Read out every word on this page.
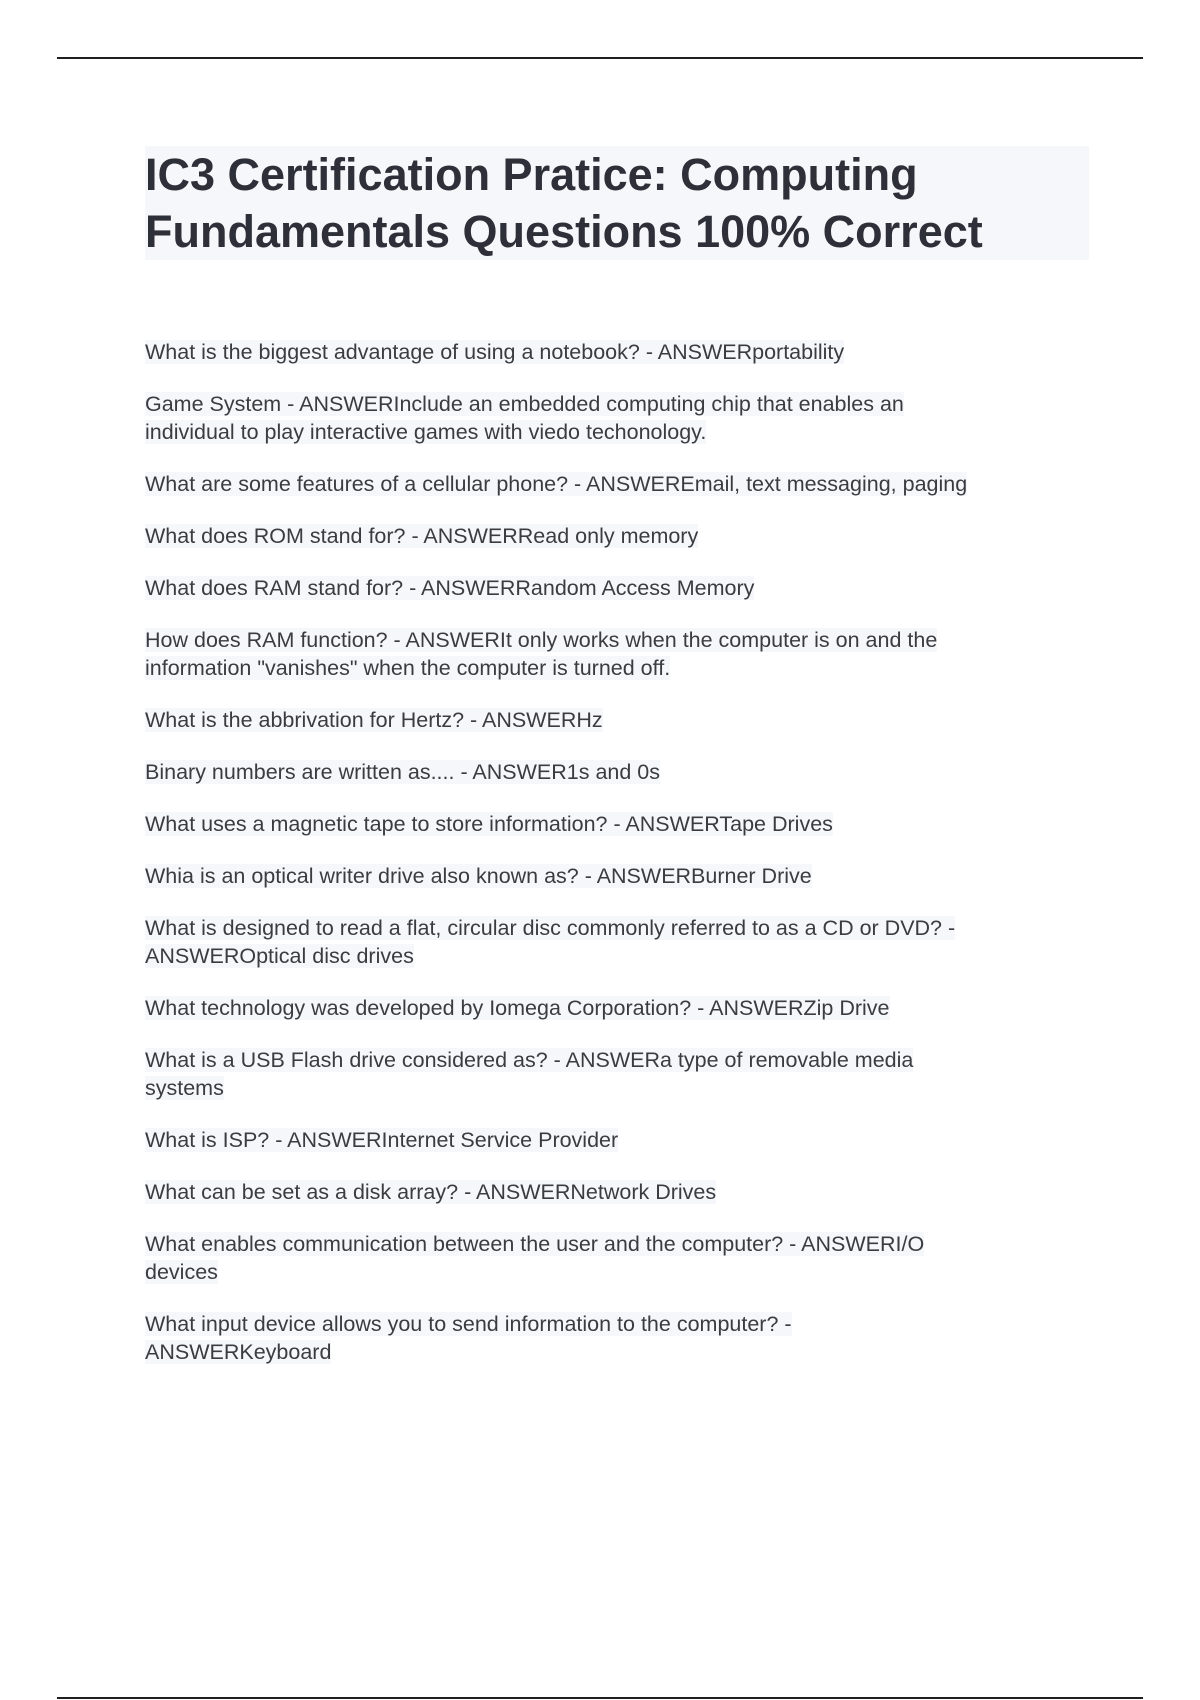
IC3 Certification Pratice: Computing
Fundamentals Questions 100% Correct
What is the biggest advantage of using a notebook? - ANSWERportability
Game System - ANSWERInclude an embedded computing chip that enables an
individual to play interactive games with viedo techonology.
What are some features of a cellular phone? - ANSWEREmail, text messaging, paging
What does ROM stand for? - ANSWERRead only memory
What does RAM stand for? - ANSWERRandom Access Memory
How does RAM function? - ANSWERIt only works when the computer is on and the
information "vanishes" when the computer is turned off.
What is the abbrivation for Hertz? - ANSWERHz
Binary numbers are written as.... - ANSWER1s and 0s
What uses a magnetic tape to store information? - ANSWERTape Drives
Whia is an optical writer drive also known as? - ANSWERBurner Drive
What is designed to read a flat, circular disc commonly referred to as a CD or DVD? -
ANSWEROptical disc drives
What technology was developed by Iomega Corporation? - ANSWERZip Drive
What is a USB Flash drive considered as? - ANSWERa type of removable media
systems
What is ISP? - ANSWERInternet Service Provider
What can be set as a disk array? - ANSWERNetwork Drives
What enables communication between the user and the computer? - ANSWERI/O
devices
What input device allows you to send information to the computer? -
ANSWERKeyboard
